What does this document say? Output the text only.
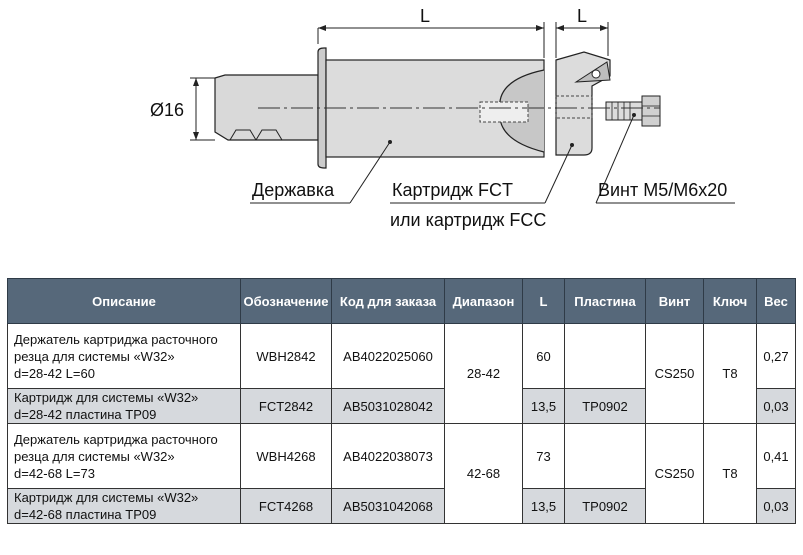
L	L
Ø16
Державка	Картридж FCT
или картридж FCC
Винт M5/M6x20
Описание	Обозначение	Код для заказа	Диапазон	L	Пластина	Винт	Ключ	Вес
Держатель картриджа расточного
резца для системы «W32»
d=28-42 L=60	WBH2842	AB4022025060	28-42	60		CS250	T8	0,27
Картридж для системы «W32»
d=28-42 пластина TP09	FCT2842	AB5031028042		13,5	TP0902			0,03
Держатель картриджа расточного
резца для системы «W32»
d=42-68 L=73	WBH4268	AB4022038073	42-68	73		CS250	T8	0,41
Картридж для системы «W32»
d=42-68 пластина TP09	FCT4268	AB5031042068		13,5	TP0902			0,03
